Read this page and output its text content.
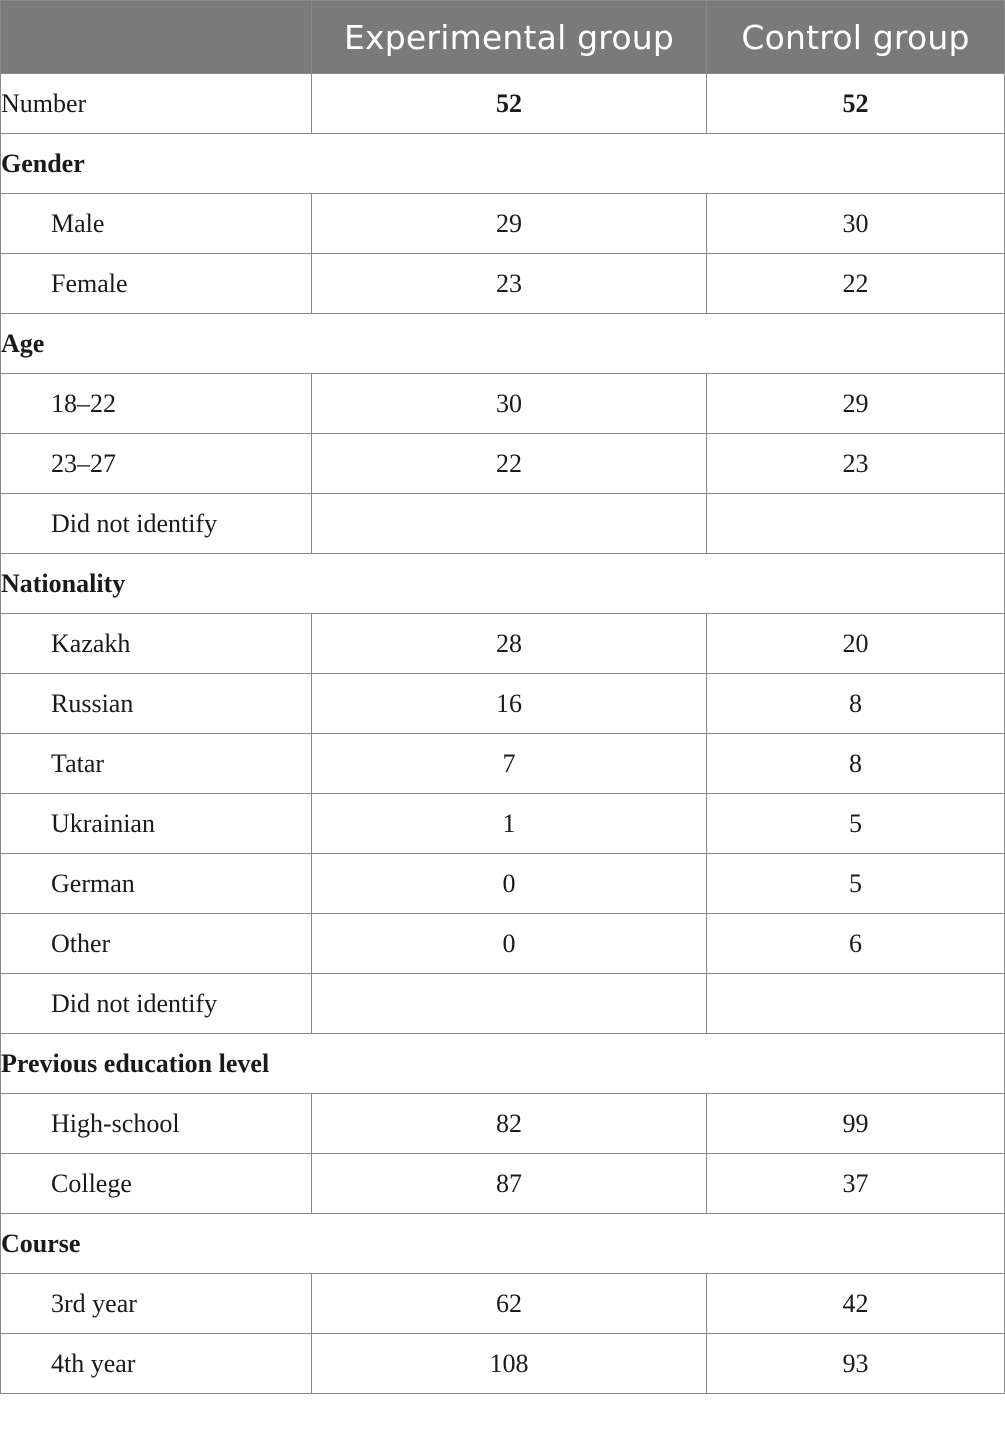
	Experimental group	Control group
Number	52	52
Gender		
Male	29	30
Female	23	22
Age		
18–22	30	29
23–27	22	23
Did not identify		
Nationality		
Kazakh	28	20
Russian	16	8
Tatar	7	8
Ukrainian	1	5
German	0	5
Other	0	6
Did not identify		
Previous education level		
High-school	82	99
College	87	37
Course		
3rd year	62	42
4th year	108	93
